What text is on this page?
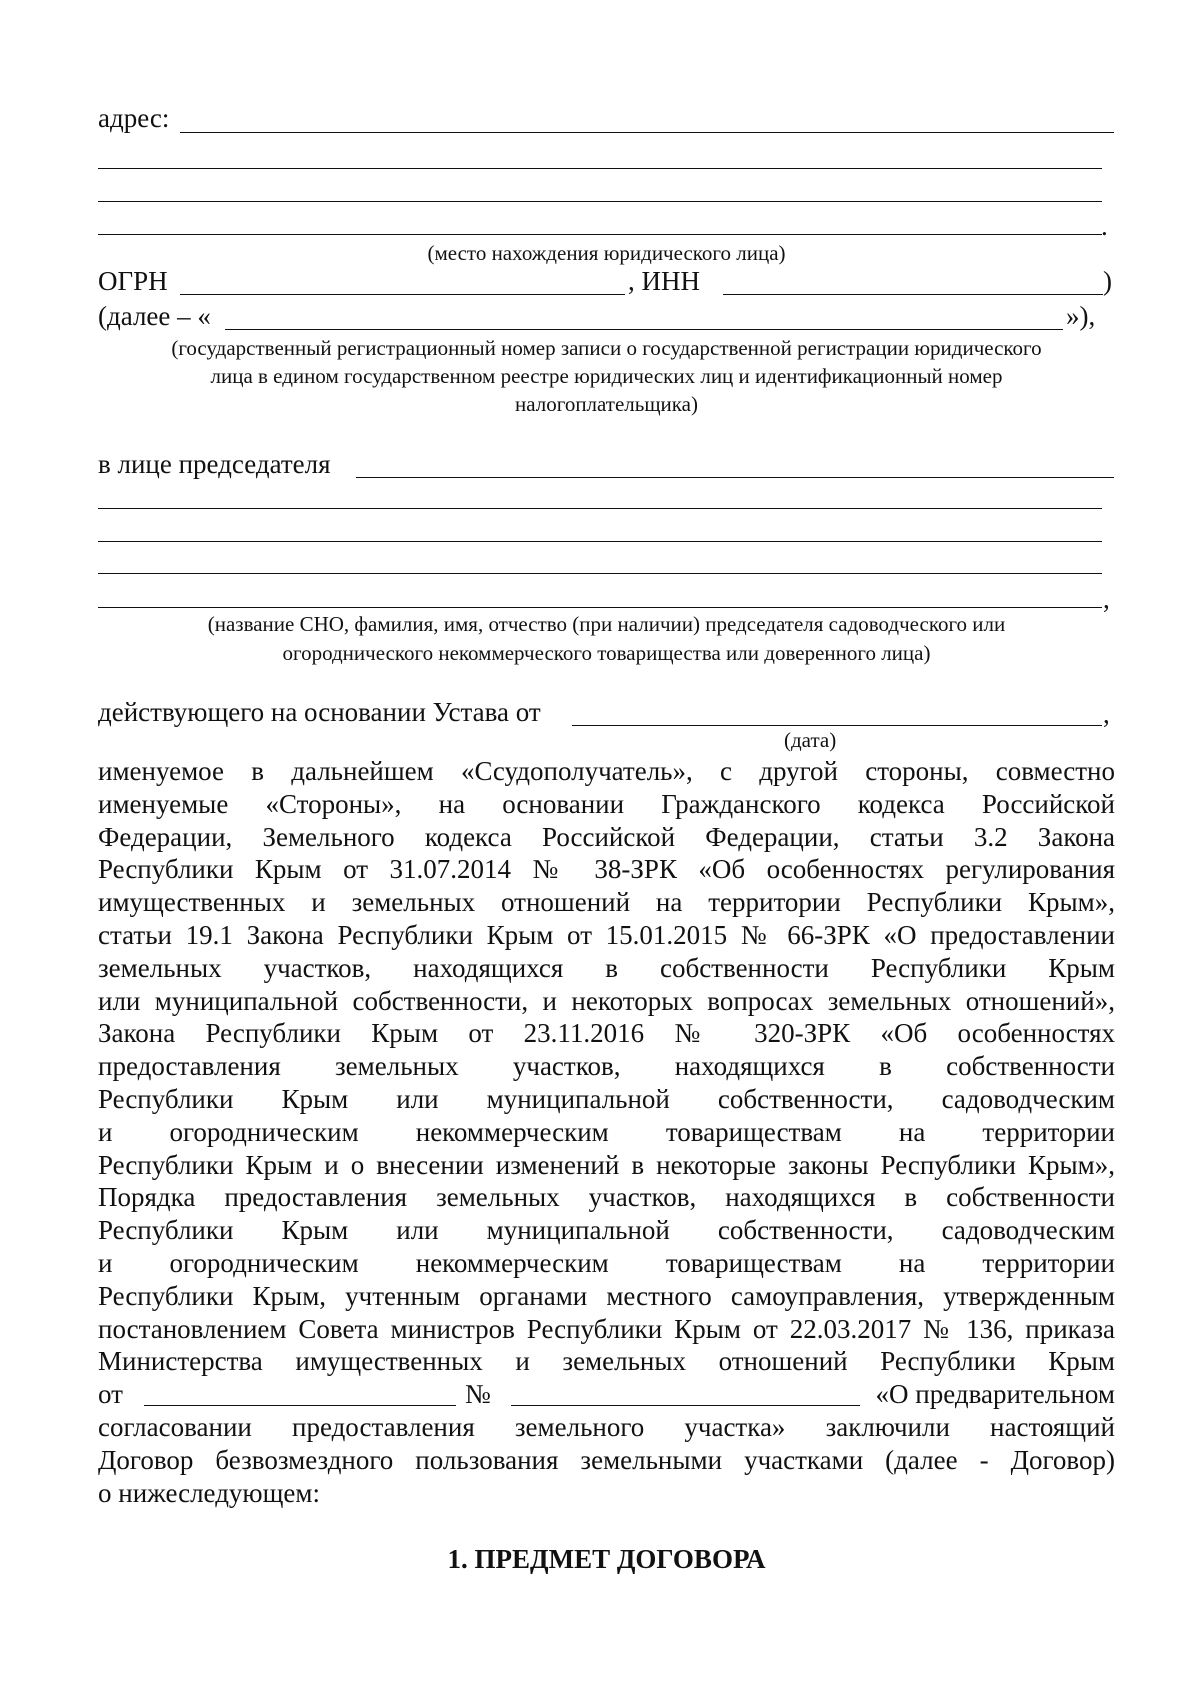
адрес:
.
(место нахождения юридического лица)
ОГРН	, ИНН	)
(далее – «	»),
(государственный регистрационный номер записи о государственной регистрации юридического
лица в едином государственном реестре юридических лиц и идентификационный номер
налогоплательщика)
в лице председателя
,
(название СНО, фамилия, имя, отчество (при наличии) председателя садоводческого или
огороднического некоммерческого товарищества или доверенного лица)
действующего на основании Устава от	,
(дата)
именуемое в дальнейшем «Ссудополучатель», с другой стороны, совместно
именуемые «Стороны», на основании Гражданского кодекса Российской
Федерации, Земельного кодекса Российской Федерации, статьи 3.2 Закона
Республики Крым от 31.07.2014 № 38-ЗРК «Об особенностях регулирования
имущественных и земельных отношений на территории Республики Крым»,
статьи 19.1 Закона Республики Крым от 15.01.2015 № 66-ЗРК «О предоставлении
земельных участков, находящихся в собственности Республики Крым
или муниципальной собственности, и некоторых вопросах земельных отношений»,
Закона Республики Крым от 23.11.2016 № 320-ЗРК «Об особенностях
предоставления земельных участков, находящихся в собственности
Республики Крым или муниципальной собственности, садоводческим
и огородническим некоммерческим товариществам на территории
Республики Крым и о внесении изменений в некоторые законы Республики Крым»,
Порядка предоставления земельных участков, находящихся в собственности
Республики Крым или муниципальной собственности, садоводческим
и огородническим некоммерческим товариществам на территории
Республики Крым, учтенным органами местного самоуправления, утвержденным
постановлением Совета министров Республики Крым от 22.03.2017 № 136, приказа
Министерства имущественных и земельных отношений Республики Крым
от	№	«О предварительном
согласовании предоставления земельного участка» заключили настоящий
Договор безвозмездного пользования земельными участками (далее - Договор)
о нижеследующем:
1. ПРЕДМЕТ ДОГОВОРА
